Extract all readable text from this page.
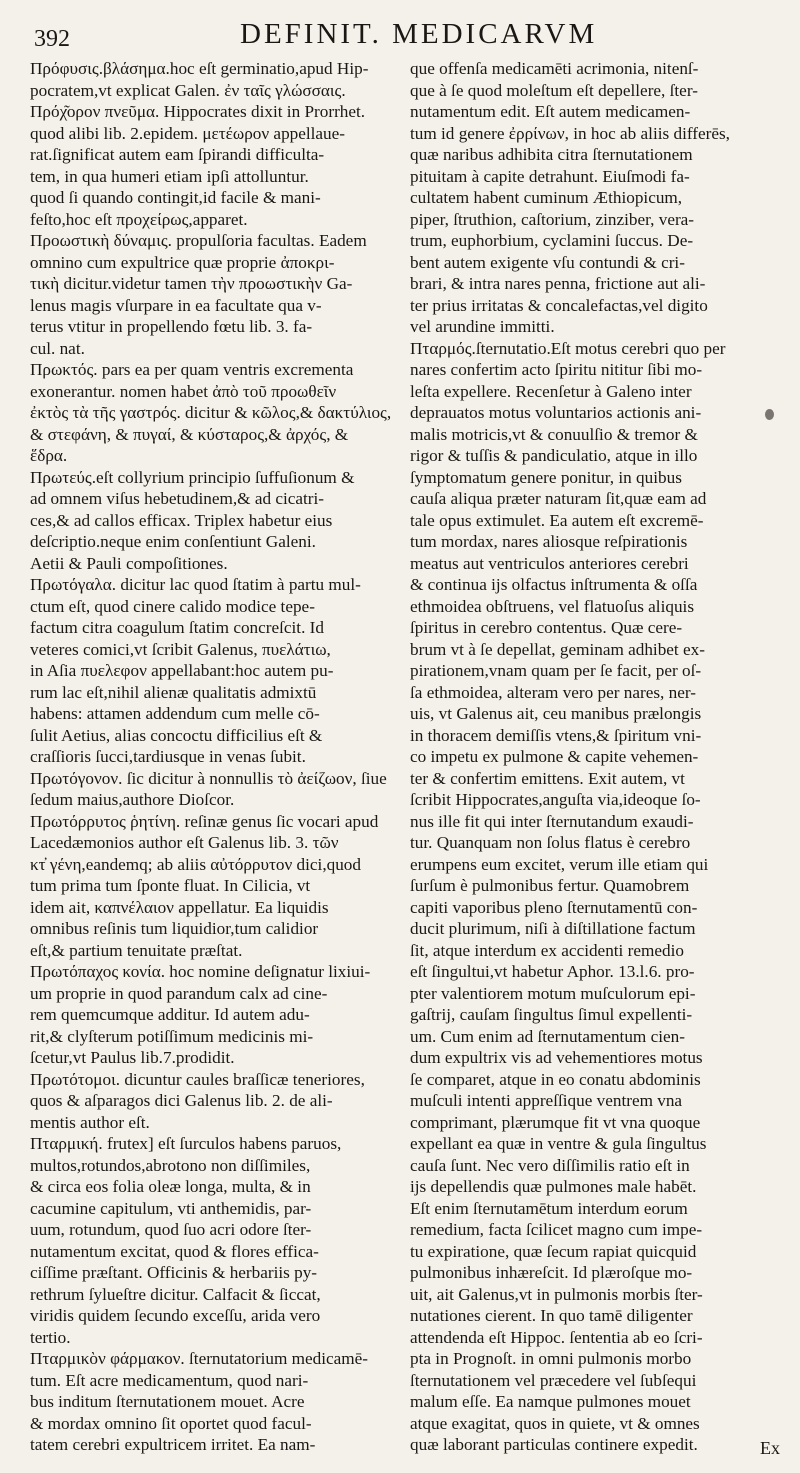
392	DEFINIT. MEDICARVM
Πρόφυσις.βλάσημα.hoc eſt germinatio,apud Hip-
pocratem,vt explicat Galen. ἐν ταῖς γλώσσαις.
Πρόχ͂ορον πνεῦμα. Hippocrates dixit in Prorrhet.
quod alibi lib. 2.epidem. μετέωρον appellaue-
rat.ſignificat autem eam ſpirandi difficultа-
tem, in qua humeri etiam ipſi attolluntur.
quod ſi quando contingit,id facile & mani-
feſto,hoc eſt προχείρως,apparet.
Προωστικὴ δύναμις. propulſoria facultas. Eadem
omnino cum expultrice quæ proprie ἀποκρι-
τικὴ dicitur.videtur tamen τὴν προωστικὴν Ga-
lenus magis vſurpare in ea facultate qua v-
terus vtitur in propellendo fœtu lib. 3. fa-
cul. nat.
Πρωκτός. pars ea per quam ventris excrementa
exonerantur. nomen habet ἀπὸ τοῦ προωθεῖν
ἐκτὸς τὰ τῆς γαστρός. dicitur & κῶλος,& δακτύλιος,
& στεφάνη, & πυγαί, & κύσταρος,& ἀρχός, &
ἕδρα.
Πρωτεύς.eſt collyrium principio ſuffuſionum &
ad omnem viſus hebetudinem,& ad cicatri-
ces,& ad callos efficax. Triplex habetur eius
deſcriptio.neque enim conſentiunt Galeni.
Aetii & Pauli compoſitiones.
Πρωτόγαλα. dicitur lac quod ſtatim à partu mul-
ctum eſt, quod cinere calido modice tepe-
factum citra coagulum ſtatim concreſcit. Id
veteres comici,vt ſcribit Galenus, πυελάτιω,
in Aſia πυελεφον appellabant:hoc autem pu-
rum lac eſt,nihil alienæ qualitatis admixtū
habens: attamen addendum cum melle cō-
ſulit Aetius, alias concoctu difficilius eſt &
craſſioris ſucci,tardiusque in venas ſubit.
Πρωτόγονον. ſic dicitur à nonnullis τὸ ἀείζωον, ſiue
ſedum maius,authore Dioſcor.
Πρωτόρρυτος ῥητίνη. reſinæ genus ſic vocari apud
Lacedæmonios author eſt Galenus lib. 3. τῶν
κτ̓ γένη,eandemq; ab aliis αὐτόρρυτον dici,quod
tum prima tum ſponte fluat. In Cilicia, vt
idem ait, καπνέλαιον appellatur. Ea liquidis
omnibus reſinis tum liquidior,tum calidior
eſt,& partium tenuitate præſtat.
Πρωτόπαχος κονία. hoc nomine deſignatur lixiui-
um proprie in quod parandum calx ad cine-
rem quemcumque additur. Id autem adu-
rit,& clyſterum potiſſimum medicinis mi-
ſcetur,vt Paulus lib.7.prodidit.
Πρωτότομοι. dicuntur caules braſſicæ teneriores,
quos & aſparagos dici Galenus lib. 2. de ali-
mentis author eſt.
Πταρμική. frutex] eſt ſurculos habens paruos,
multos,rotundos,abrotono non diſſimiles,
& circa eos folia oleæ longa, multa, & in
cacumine capitulum, vti anthemidis, par-
uum, rotundum, quod ſuo acri odore ſter-
nutamentum excitat, quod & flores effica-
ciſſime præſtant. Officinis & herbariis py-
rethrum ſylueſtre dicitur. Calfacit & ſiccat,
viridis quidem ſecundo exceſſu, arida vero
tertio.
Πταρμικὸν φάρμακον. ſternutatorium medicamē-
tum. Eſt acre medicamentum, quod nari-
bus inditum ſternutationem mouet. Acre
& mordax omnino ſit oportet quod facul-
tatem cerebri expultricem irritet. Ea nam-
que offenſa medicamēti acrimonia, nitenſ-
que à ſe quod moleſtum eſt depellere, ſter-
nutamentum edit. Eſt autem medicamen-
tum id genere ἐρρίνων, in hoc ab aliis differēs,
quæ naribus adhibita citra ſternutationem
pituitam à capite detrahunt. Eiuſmodi fa-
cultatem habent cuminum Æthiopicum,
piper, ſtruthion, caſtorium, zinziber, vera-
trum, euphorbium, cyclamini ſuccus. De-
bent autem exigente vſu contundi & cri-
brari, & intra nares penna, frictione aut ali-
ter prius irritatas & concalefactas,vel digito
vel arundine immitti.
Πταρμός.ſternutatio.Eſt motus cerebri quo per
nares confertim acto ſpiritu nititur ſibi mo-
leſta expellere. Recenſetur à Galeno inter
deprauatos motus voluntarios actionis ani-
malis motricis,vt & conuulſio & tremor &
rigor & tuſſis & pandiculatio, atque in illo
ſymptomatum genere ponitur, in quibus
cauſa aliqua præter naturam ſit,quæ eam ad
tale opus extimulet. Ea autem eſt excremē-
tum mordax, nares aliosque reſpirationis
meatus aut ventriculos anteriores cerebri
& continua ijs olfactus inſtrumenta & oſſa
ethmoidea obſtruens, vel flatuoſus aliquis
ſpiritus in cerebro contentus. Quæ cere-
brum vt à ſe depellat, geminam adhibet ex-
pirationem,vnam quam per ſe facit, per oſ-
ſa ethmoidea, alteram vero per nares, ner-
uis, vt Galenus ait, ceu manibus prælongis
in thoracem demiſſis vtens,& ſpiritum vni-
co impetu ex pulmone & capite vehemen-
ter & confertim emittens. Exit autem, vt
ſcribit Hippocrates,anguſta via,ideoque ſo-
nus ille fit qui inter ſternutandum exaudi-
tur. Quanquam non ſolus flatus è cerebro
erumpens eum excitet, verum ille etiam qui
ſurſum è pulmonibus fertur. Quamobrem
capiti vaporibus pleno ſternutamentū con-
ducit plurimum, niſi à diſtillatione factum
ſit, atque interdum ex accidenti remedio
eſt ſingultui,vt habetur Aphor. 13.l.6. pro-
pter valentiorem motum muſculorum epi-
gaſtrij, cauſam ſingultus ſimul expellenti-
um. Cum enim ad ſternutamentum cien-
dum expultrix vis ad vehementiores motus
ſe comparet, atque in eo conatu abdominis
muſculi intenti appreſſique ventrem vna
comprimant, plærumque fit vt vna quoque
expellant ea quæ in ventre & gula ſingultus
cauſa ſunt. Nec vero diſſimilis ratio eſt in
ijs depellendis quæ pulmones male habēt.
Eſt enim ſternutamētum interdum eorum
remedium, facta ſcilicet magno cum impe-
tu expiratione, quæ ſecum rapiat quicquid
pulmonibus inhæreſcit. Id plæroſque mo-
uit, ait Galenus,vt in pulmonis morbis ſter-
nutationes cierent. In quo tamē diligenter
attendenda eſt Hippoc. ſententia ab eo ſcri-
pta in Prognoſt. in omni pulmonis morbo
ſternutationem vel præcedere vel ſubſequi
malum eſſe. Ea namque pulmones mouet
atque exagitat, quos in quiete, vt & omnes
quæ laborant particulas continere expedit.	Ex
